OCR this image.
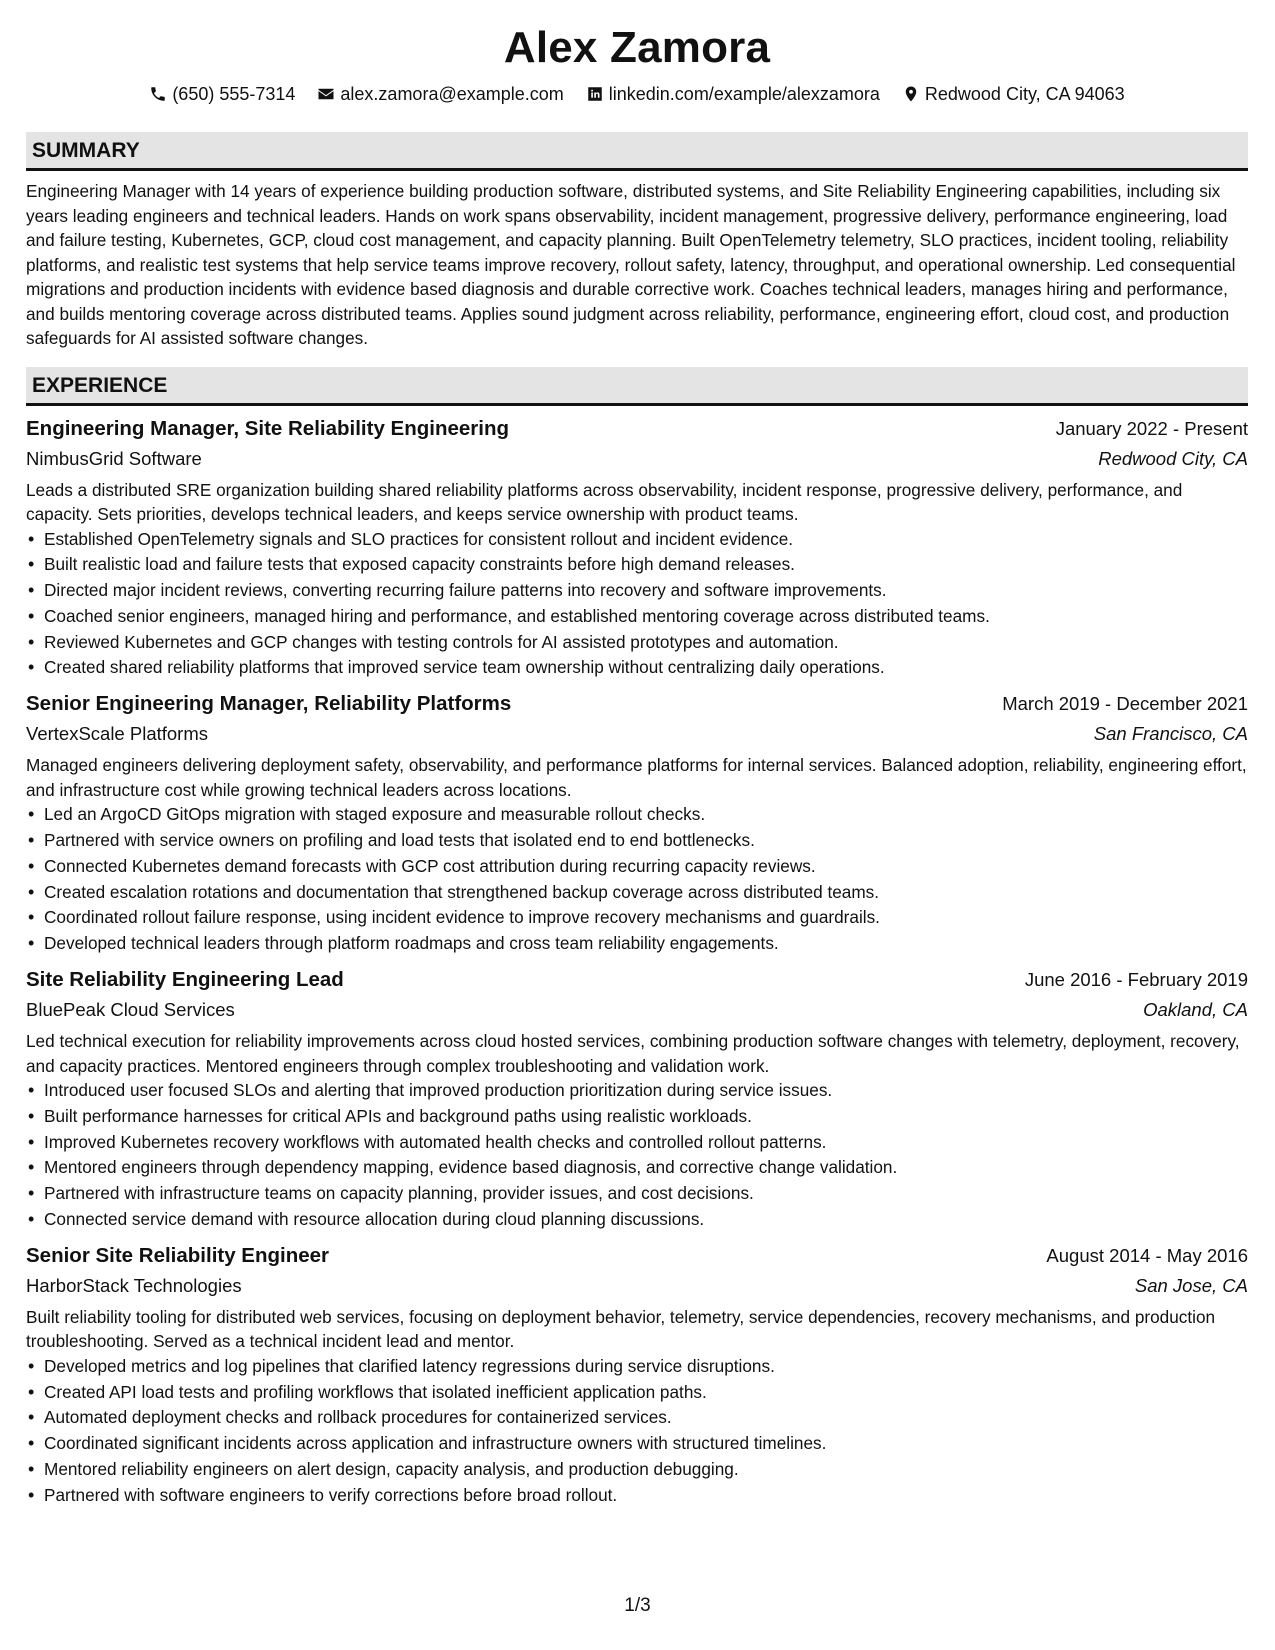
Alex Zamora
(650) 555-7314	alex.zamora@example.com	linkedin.com/example/alexzamora	Redwood City, CA 94063
SUMMARY
Engineering Manager with 14 years of experience building production software, distributed systems, and Site Reliability Engineering capabilities, including six years leading engineers and technical leaders. Hands on work spans observability, incident management, progressive delivery, performance engineering, load and failure testing, Kubernetes, GCP, cloud cost management, and capacity planning. Built OpenTelemetry telemetry, SLO practices, incident tooling, reliability platforms, and realistic test systems that help service teams improve recovery, rollout safety, latency, throughput, and operational ownership. Led consequential migrations and production incidents with evidence based diagnosis and durable corrective work. Coaches technical leaders, manages hiring and performance, and builds mentoring coverage across distributed teams. Applies sound judgment across reliability, performance, engineering effort, cloud cost, and production safeguards for AI assisted software changes.
EXPERIENCE
Engineering Manager, Site Reliability Engineering	January 2022 - Present
NimbusGrid Software	Redwood City, CA
Leads a distributed SRE organization building shared reliability platforms across observability, incident response, progressive delivery, performance, and capacity. Sets priorities, develops technical leaders, and keeps service ownership with product teams.
• Established OpenTelemetry signals and SLO practices for consistent rollout and incident evidence.
• Built realistic load and failure tests that exposed capacity constraints before high demand releases.
• Directed major incident reviews, converting recurring failure patterns into recovery and software improvements.
• Coached senior engineers, managed hiring and performance, and established mentoring coverage across distributed teams.
• Reviewed Kubernetes and GCP changes with testing controls for AI assisted prototypes and automation.
• Created shared reliability platforms that improved service team ownership without centralizing daily operations.
Senior Engineering Manager, Reliability Platforms	March 2019 - December 2021
VertexScale Platforms	San Francisco, CA
Managed engineers delivering deployment safety, observability, and performance platforms for internal services. Balanced adoption, reliability, engineering effort, and infrastructure cost while growing technical leaders across locations.
• Led an ArgoCD GitOps migration with staged exposure and measurable rollout checks.
• Partnered with service owners on profiling and load tests that isolated end to end bottlenecks.
• Connected Kubernetes demand forecasts with GCP cost attribution during recurring capacity reviews.
• Created escalation rotations and documentation that strengthened backup coverage across distributed teams.
• Coordinated rollout failure response, using incident evidence to improve recovery mechanisms and guardrails.
• Developed technical leaders through platform roadmaps and cross team reliability engagements.
Site Reliability Engineering Lead	June 2016 - February 2019
BluePeak Cloud Services	Oakland, CA
Led technical execution for reliability improvements across cloud hosted services, combining production software changes with telemetry, deployment, recovery, and capacity practices. Mentored engineers through complex troubleshooting and validation work.
• Introduced user focused SLOs and alerting that improved production prioritization during service issues.
• Built performance harnesses for critical APIs and background paths using realistic workloads.
• Improved Kubernetes recovery workflows with automated health checks and controlled rollout patterns.
• Mentored engineers through dependency mapping, evidence based diagnosis, and corrective change validation.
• Partnered with infrastructure teams on capacity planning, provider issues, and cost decisions.
• Connected service demand with resource allocation during cloud planning discussions.
Senior Site Reliability Engineer	August 2014 - May 2016
HarborStack Technologies	San Jose, CA
Built reliability tooling for distributed web services, focusing on deployment behavior, telemetry, service dependencies, recovery mechanisms, and production troubleshooting. Served as a technical incident lead and mentor.
• Developed metrics and log pipelines that clarified latency regressions during service disruptions.
• Created API load tests and profiling workflows that isolated inefficient application paths.
• Automated deployment checks and rollback procedures for containerized services.
• Coordinated significant incidents across application and infrastructure owners with structured timelines.
• Mentored reliability engineers on alert design, capacity analysis, and production debugging.
• Partnered with software engineers to verify corrections before broad rollout.
1/3
